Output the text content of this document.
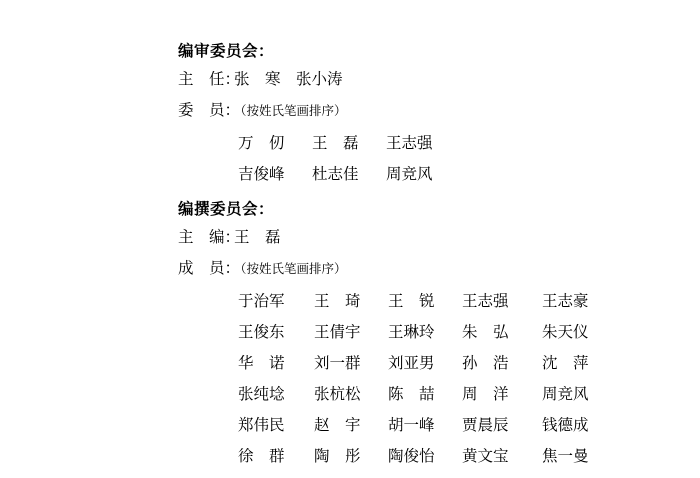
编审委员会：
主　任：张　寒　张小涛
委　员：（按姓氏笔画排序）
万　仞	王　磊	王志强
吉俊峰	杜志佳	周竞风
编撰委员会：
主　编：王　磊
成　员：（按姓氏笔画排序）
于治军	王　琦	王　锐	王志强	王志豪
王俊东	王倩宇	王琳玲	朱　弘	朱天仪
华　诺	刘一群	刘亚男	孙　浩	沈　萍
张纯埝	张杭松	陈　喆	周　洋	周竞风
郑伟民	赵　宇	胡一峰	贾晨辰	钱德成
徐　群	陶　彤	陶俊怡	黄文宝	焦一曼
